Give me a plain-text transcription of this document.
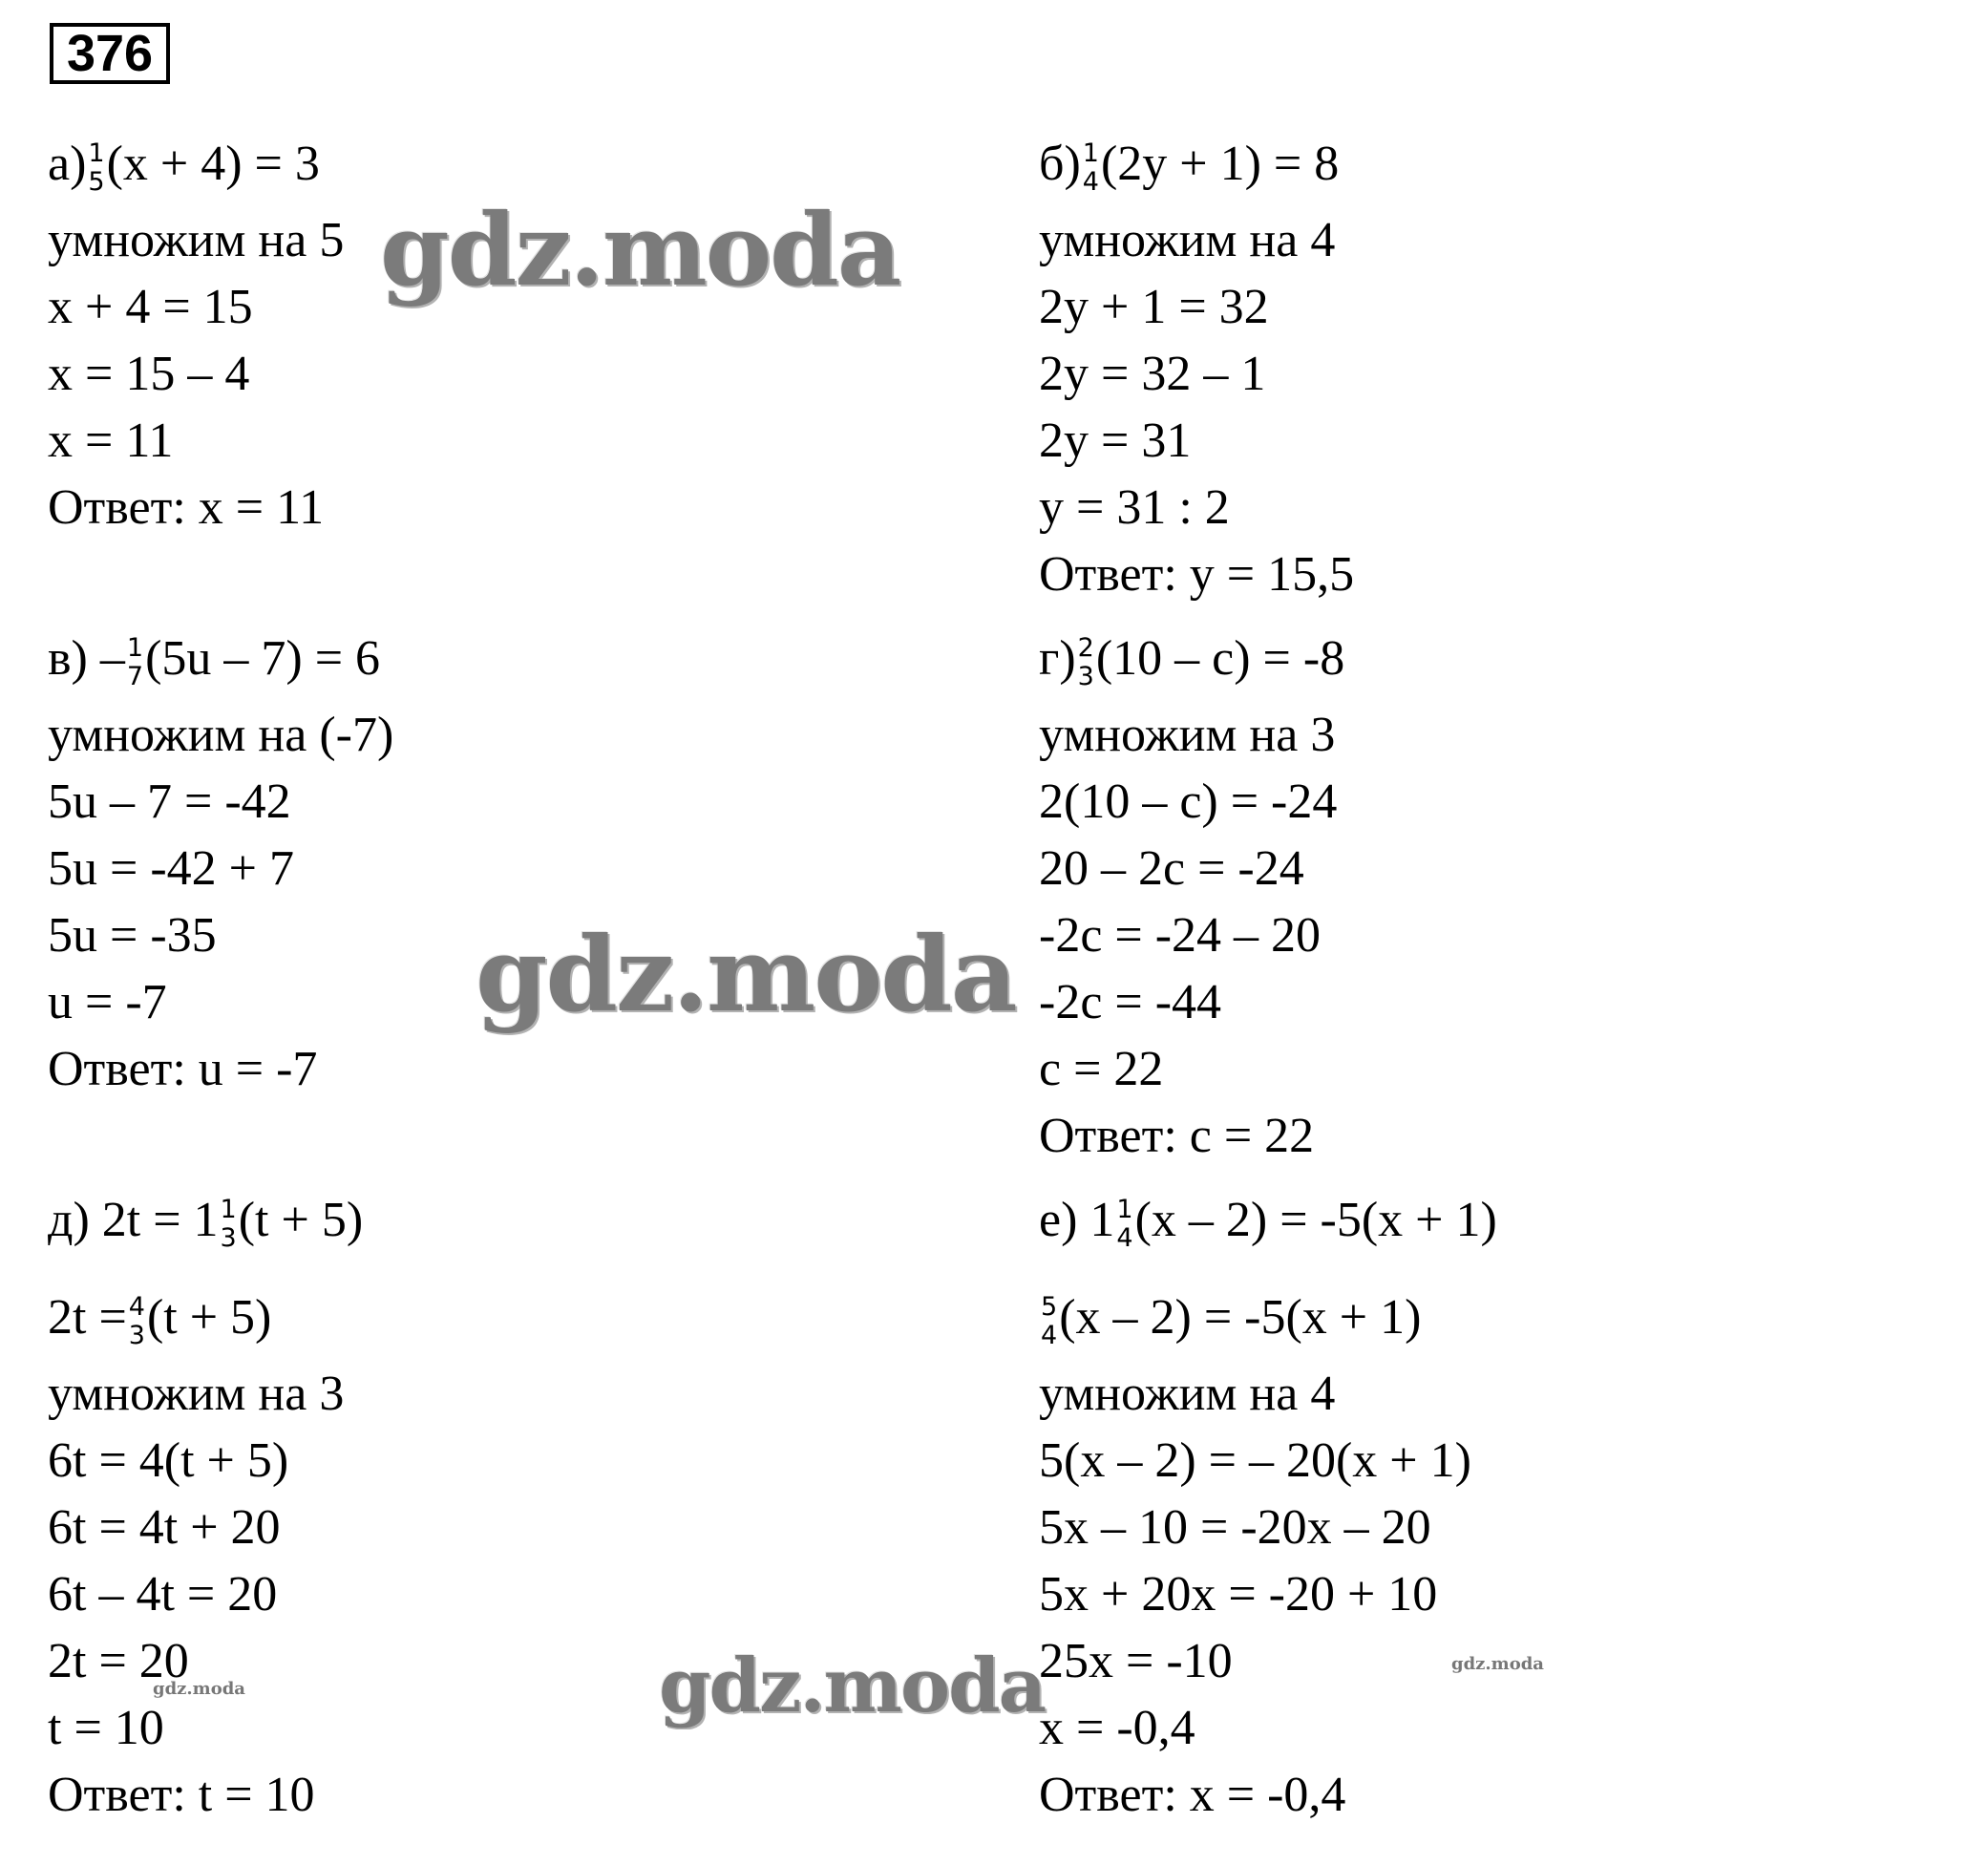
376
а) 1
5 (x + 4) = 3
умножим на 5
x + 4 = 15
x = 15 – 4
x = 11
Ответ: x = 11
б) 1
4 (2y + 1) = 8
умножим на 4
2y + 1 = 32
2y = 32 – 1
2y = 31
y = 31 : 2
Ответ: y = 15,5
в) – 1
7 (5u – 7) = 6
умножим на (-7)
5u – 7 = -42
5u = -42 + 7
5u = -35
u = -7
Ответ: u = -7
г) 2
3 (10 – c) = -8
умножим на 3
2(10 – c) = -24
20 – 2c = -24
-2c = -24 – 20
-2c = -44
c = 22
Ответ: c = 22
д) 2t = 1 1
3 (t + 5)
2t = 4
3 (t + 5)
умножим на 3
6t = 4(t + 5)
6t = 4t + 20
6t – 4t = 20
2t = 20
t = 10
Ответ: t = 10
е) 1 1
4 (x – 2) = -5(x + 1)
5
4 (x – 2) = -5(x + 1)
умножим на 4
5(x – 2) = – 20(x + 1)
5x – 10 = -20x – 20
5x + 20x = -20 + 10
25x = -10
x = -0,4
Ответ: x = -0,4
gdz.moda
gdz.moda
gdz.moda
gdz.moda
gdz.moda
